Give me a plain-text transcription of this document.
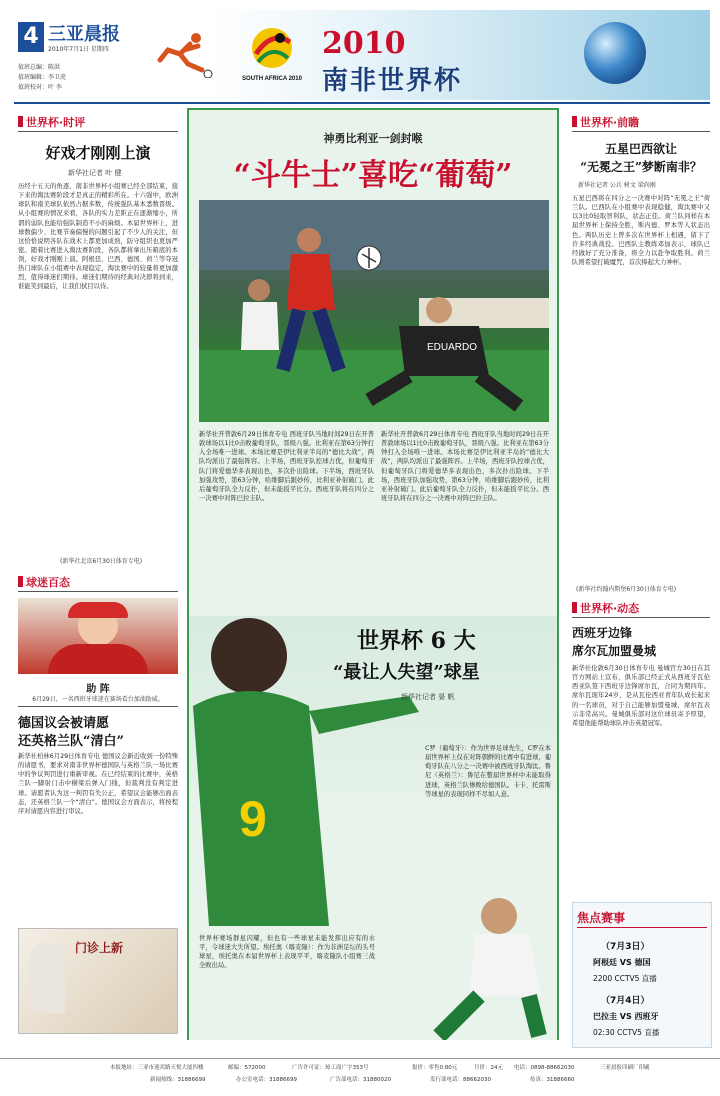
4 三亚晨报
2010年7月1日 星期四
值班总编：陈洪
值班编辑：李卫虎
值班校对：叶 李
SOUTH AFRICA 2010
2010
南非世界杯
世界杯·时评
好戏才刚刚上演
新华社记者 叶 健
历经十五天的角逐，南非世界杯小组赛已经全部结束，接下来的淘汰赛阶段才是真正的精彩所在。十六强中，欧洲球队和南美球队依然占据多数，传统强队基本悉数晋级。从小组赛的情况来看，各队的实力差距正在逐渐缩小，所谓的弱队也能给强队制造不小的麻烦。本届世界杯上，进球数偏少、比赛节奏偏慢的问题引起了不少人的关注，但这恰恰说明各队在战术上都更加成熟，防守组织也更加严密。随着比赛进入淘汰赛阶段，各队都将拿出压箱底的本领，好戏才刚刚上演。阿根廷、巴西、德国、荷兰等夺冠热门球队在小组赛中表现稳定，淘汰赛中的较量将更加激烈，值得球迷们期待。球迷们期待的经典对决即将到来，谁能笑到最后，让我们拭目以待。
(新华社北京6月30日体育专电)
球迷百态
助 阵
6月29日，一名西班牙球迷在赛场看台加油助威。
德国议会被请愿
还英格兰队“清白”
新华社柏林6月29日体育专电 德国议会新近收到一份特殊的请愿书，要求对南非世界杯德国队与英格兰队一场比赛中的争议判罚进行重新审视。在已经结束的比赛中，英格兰队一脚射门击中横梁后弹入门线，但裁判没有判定进球。请愿者认为这一判罚有失公正，希望议会能够出面表态，还英格兰队一个“清白”。德国议会方面表示，将按程序对请愿内容进行审议。
门诊上新
神勇比利亚一剑封喉
“斗牛士”喜吃“葡萄”
EDUARDO
新华社开普敦6月29日体育专电 西班牙队当地时间29日在开普敦球场以1比0击败葡萄牙队，晋级八强。比利亚在第63分钟打入全场唯一进球。本场比赛是伊比利亚半岛的“德比大战”，两队均派出了最强阵容。上半场，西班牙队控球占优，但葡萄牙队门将爱德华多表现出色，多次扑出险球。下半场，西班牙队加强攻势，第63分钟，哈维脚后跟妙传，比利亚补射破门。此后葡萄牙队全力反扑，但未能扳平比分。西班牙队将在四分之一决赛中对阵巴拉圭队。
新华社开普敦6月29日体育专电 西班牙队当地时间29日在开普敦球场以1比0击败葡萄牙队，晋级八强。比利亚在第63分钟打入全场唯一进球。本场比赛是伊比利亚半岛的“德比大战”，两队均派出了最强阵容。上半场，西班牙队控球占优，但葡萄牙队门将爱德华多表现出色，多次扑出险球。下半场，西班牙队加强攻势，第63分钟，哈维脚后跟妙传，比利亚补射破门。此后葡萄牙队全力反扑，但未能扳平比分。西班牙队将在四分之一决赛中对阵巴拉圭队。
9
世界杯 6 大
“最让人失望”球星
新华社记者 晏 帆
C罗（葡萄牙）：作为世界足球先生，C罗在本届世界杯上仅在对阵朝鲜的比赛中有进球，葡萄牙队在八分之一决赛中被西班牙队淘汰。鲁尼（英格兰）：鲁尼在整届世界杯中未能取得进球，英格兰队惨败给德国队。卡卡、托雷斯等球星的表现同样不尽如人意。
世界杯赛场群星闪耀，但也有一些球星未能发挥出应有的水平，令球迷大失所望。埃托奥（喀麦隆）：作为非洲足坛的头号球星，埃托奥在本届世界杯上表现平平，喀麦隆队小组赛三战全败出局。
世界杯·前瞻
五星巴西欲让
“无冕之王”梦断南非？
新华社记者 公兵 树文 梁尚刚
五星巴西将在四分之一决赛中对阵“无冕之王”荷兰队。巴西队在小组赛中表现稳健，淘汰赛中又以3比0轻取智利队，状态正佳。荷兰队同样在本届世界杯上保持全胜，斯内德、罗本等人状态出色。两队历史上曾多次在世界杯上相遇，留下了许多经典战役。巴西队主教练邓加表示，球队已经做好了充分准备，将全力以赴争取胜利。荷兰队则希望打破魔咒，首次捧起大力神杯。
(新华社约翰内斯堡6月30日体育专电)
世界杯·动态
西班牙边锋
席尔瓦加盟曼城
新华社伦敦6月30日体育专电 曼城官方30日在其官方网站上宣布，俱乐部已经正式从西班牙瓦伦西亚队签下西班牙边锋席尔瓦，合同为期四年。席尔瓦现年24岁，是从瓦伦西亚青年队成长起来的一名球员，对于自己能够加盟曼城，席尔瓦表示非常高兴。曼城俱乐部对这位球员寄予厚望，希望他能帮助球队冲击英超冠军。
焦点赛事
（7月3日）
阿根廷 VS 德国
2200 CCTV5 直播
（7月4日）
巴拉圭 VS 西班牙
02:30 CCTV5 直播
本报地址：三亚市迎宾路天悦大厦四楼	邮编：572000	广告许可证：琼工商广字353号	报价：零售0.80元	月价：24元 电话：0898-88662030	三亚晨报印刷厂印刷
新闻热线：31886699	办公室电话：31886699	广告部电话：31880020	发行部电话：88662030	传真：31886660
